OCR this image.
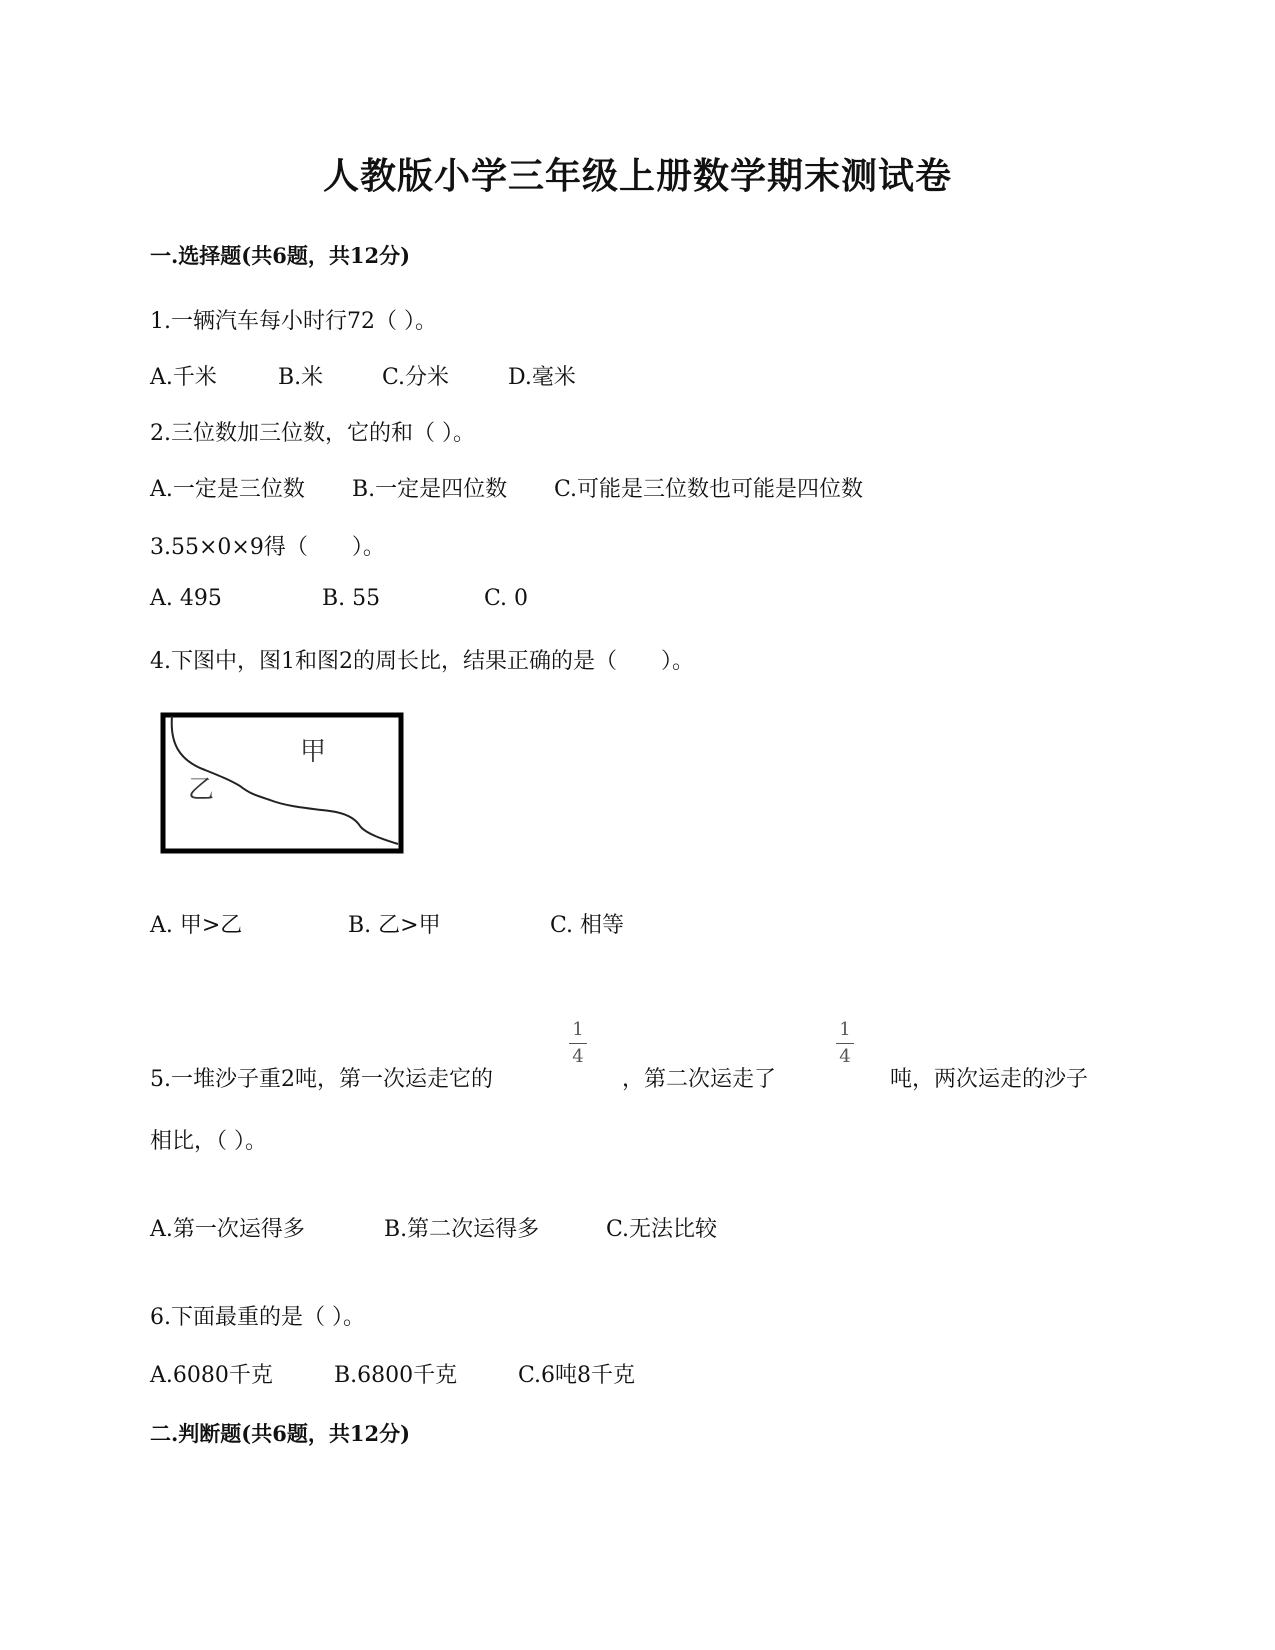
人教版小学三年级上册数学期末测试卷
一.选择题(共6题，共12分)
1.一辆汽车每小时行72（ ）。
A.千米	B.米	C.分米	D.毫米
2.三位数加三位数，它的和（ ）。
A.一定是三位数 B.一定是四位数 C.可能是三位数也可能是四位数
3.55×0×9得（　　）。
A. 495	B. 55	C. 0
4.下图中，图1和图2的周长比，结果正确的是（　　）。
甲
乙
A. 甲>乙	B. 乙>甲	C. 相等
5.一堆沙子重2吨，第一次运走它的
1
4
，第二次运走了
1
4
吨，两次运走的沙子
相比，（ ）。
A.第一次运得多	B.第二次运得多	C.无法比较
6.下面最重的是（ ）。
A.6080千克	B.6800千克	C.6吨8千克
二.判断题(共6题，共12分)
